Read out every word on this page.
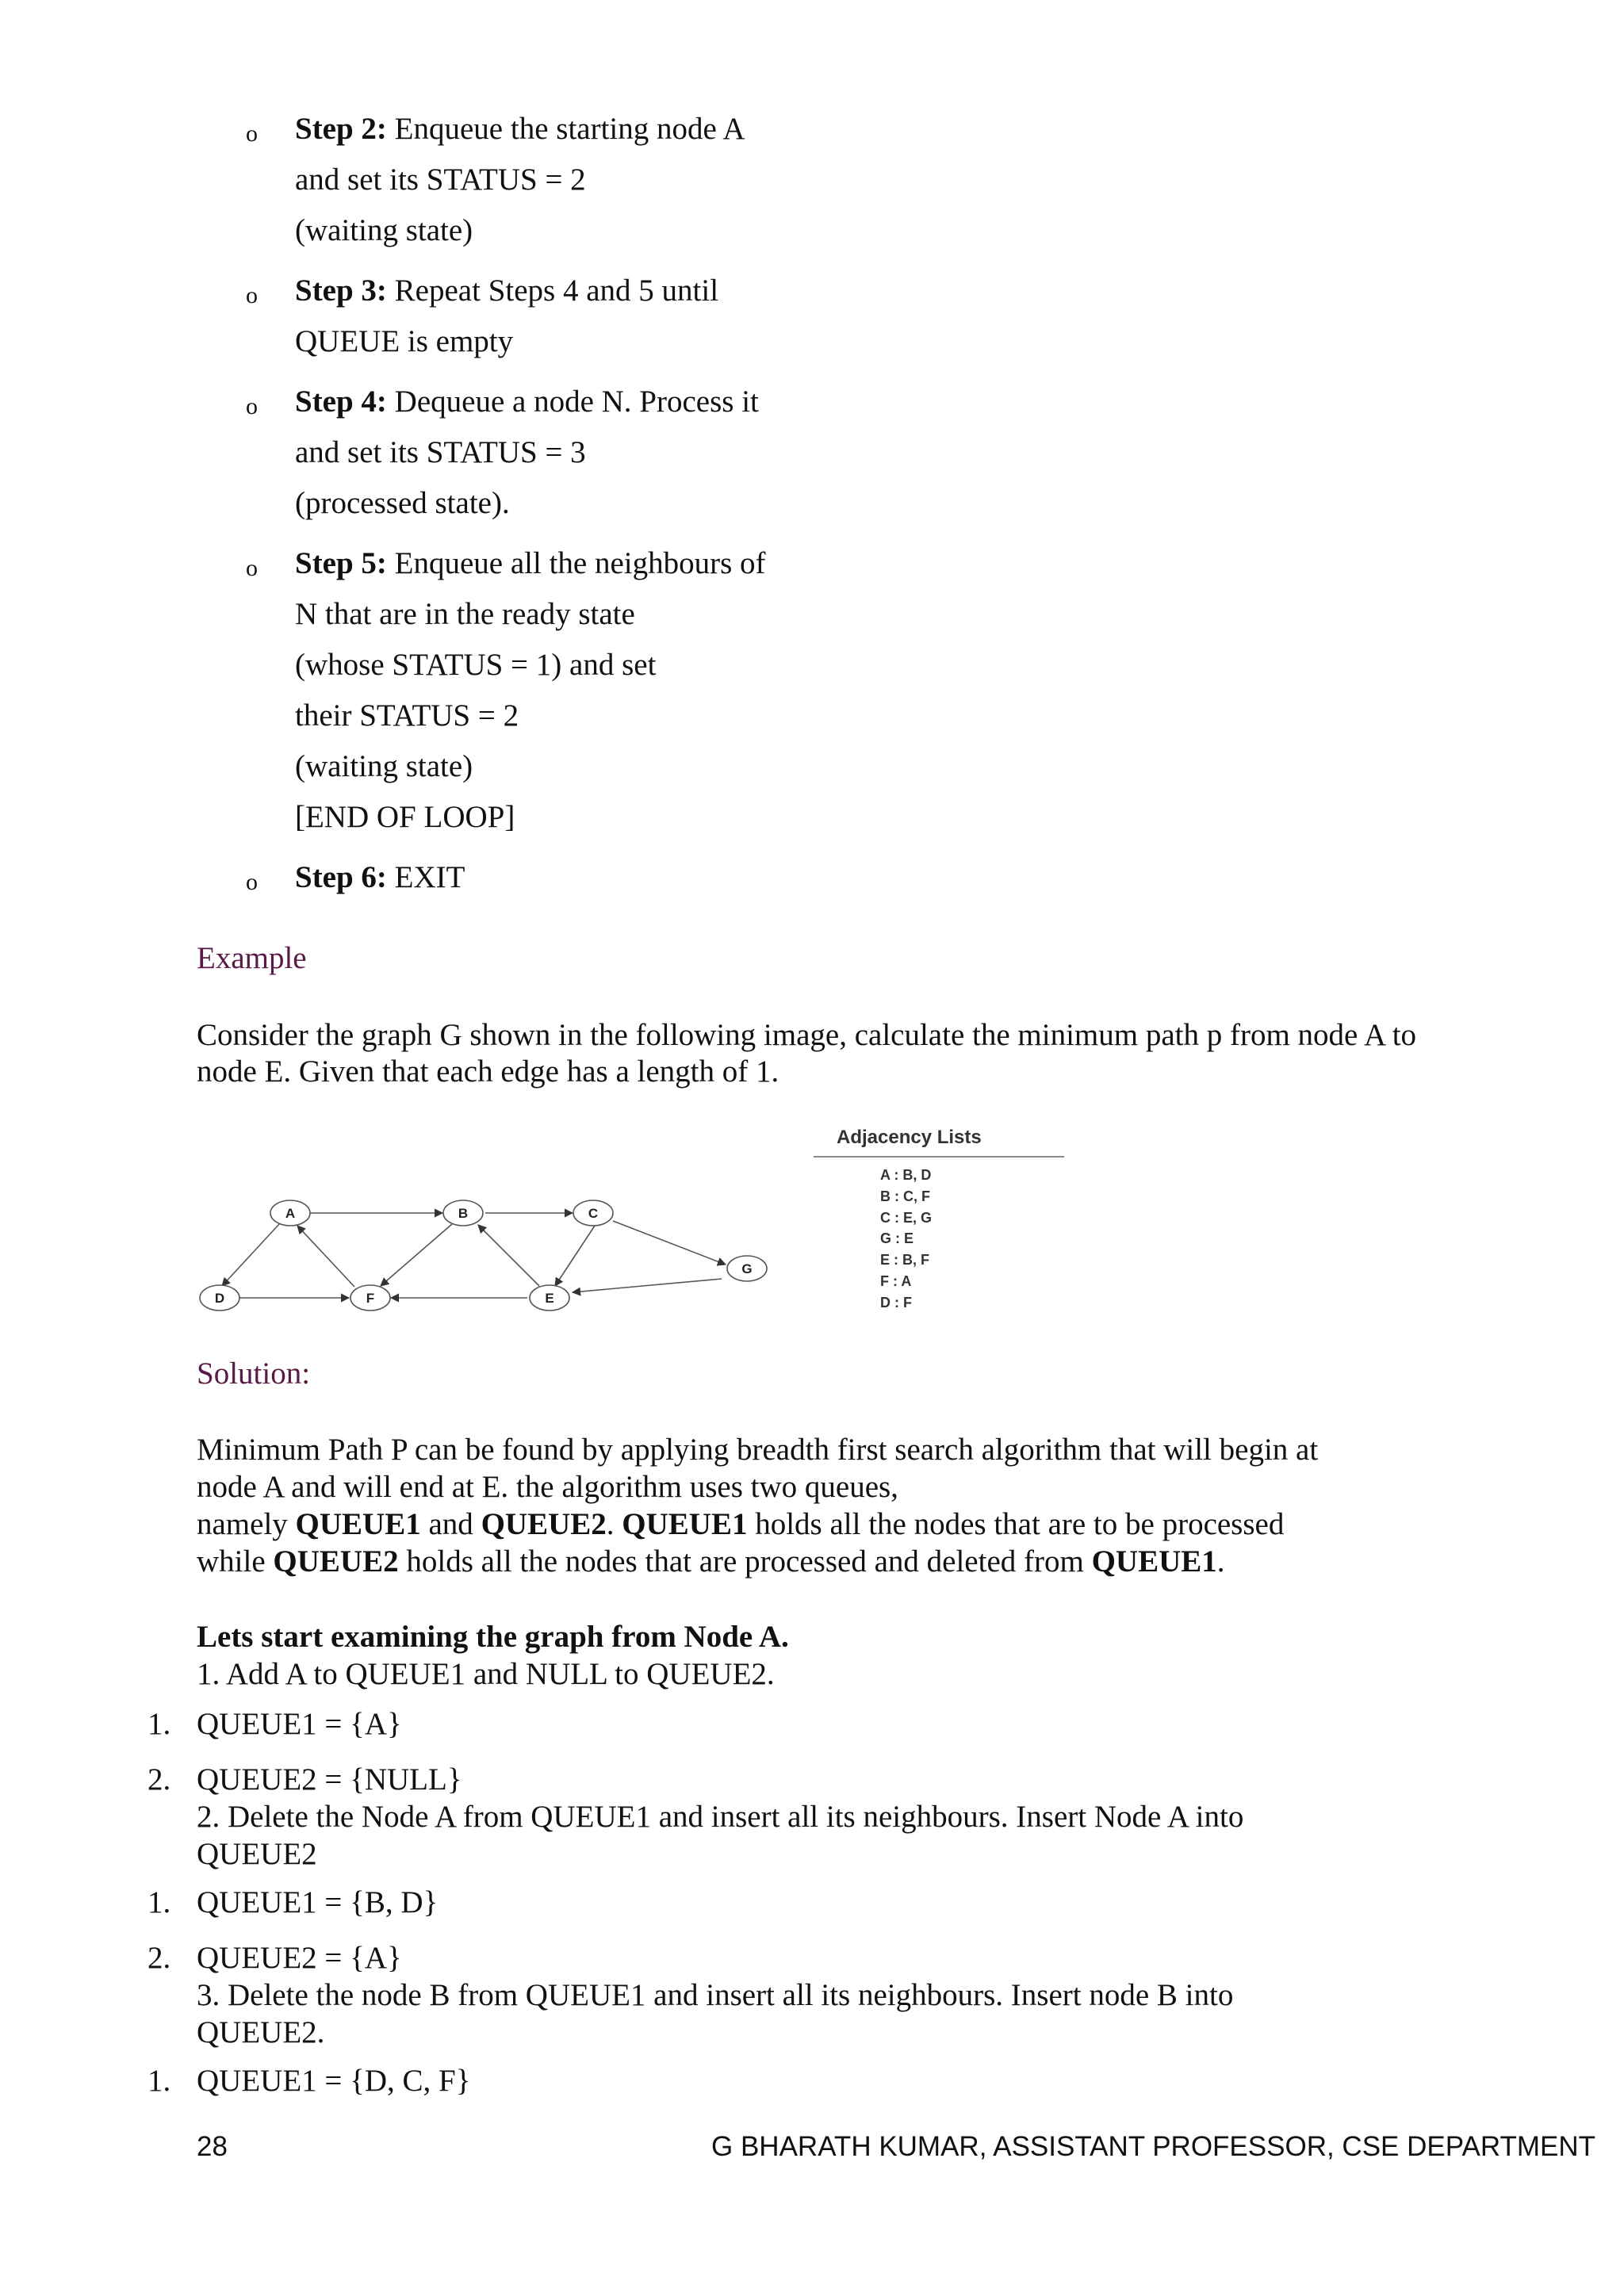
o Step 2: Enqueue the starting node A
and set its STATUS = 2
(waiting state)
o Step 3: Repeat Steps 4 and 5 until
QUEUE is empty
o Step 4: Dequeue a node N. Process it
and set its STATUS = 3
(processed state).
o Step 5: Enqueue all the neighbours of
N that are in the ready state
(whose STATUS = 1) and set
their STATUS = 2
(waiting state)
[END OF LOOP]
o Step 6: EXIT
Example
Consider the graph G shown in the following image, calculate the minimum path p from node A to node E. Given that each edge has a length of 1.
A	B	C
D	F	E
G
Adjacency Lists
A : B, D
B : C, F
C : E, G
G : E
E : B, F
F : A
D : F
Solution:
Minimum Path P can be found by applying breadth first search algorithm that will begin at
node A and will end at E. the algorithm uses two queues,
namely QUEUE1 and QUEUE2. QUEUE1 holds all the nodes that are to be processed
while QUEUE2 holds all the nodes that are processed and deleted from QUEUE1.
Lets start examining the graph from Node A.
1. Add A to QUEUE1 and NULL to QUEUE2.
1. QUEUE1 = {A}
2. QUEUE2 = {NULL}
2. Delete the Node A from QUEUE1 and insert all its neighbours. Insert Node A into
QUEUE2
1. QUEUE1 = {B, D}
2. QUEUE2 = {A}
3. Delete the node B from QUEUE1 and insert all its neighbours. Insert node B into
QUEUE2.
1. QUEUE1 = {D, C, F}
28	G BHARATH KUMAR, ASSISTANT PROFESSOR, CSE DEPARTMENT
